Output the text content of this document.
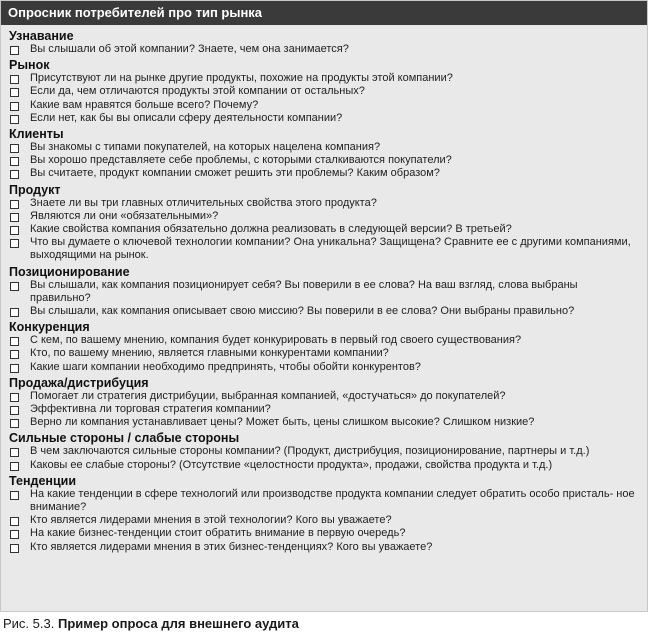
Опросник потребителей про тип рынка
Узнавание
Вы слышали об этой компании? Знаете, чем она занимается?
Рынок
Присутствуют ли на рынке другие продукты, похожие на продукты этой компании?
Если да, чем отличаются продукты этой компании от остальных?
Какие вам нравятся больше всего? Почему?
Если нет, как бы вы описали сферу деятельности компании?
Клиенты
Вы знакомы с типами покупателей, на которых нацелена компания?
Вы хорошо представляете себе проблемы, с которыми сталкиваются покупатели?
Вы считаете, продукт компании сможет решить эти проблемы? Каким образом?
Продукт
Знаете ли вы три главных отличительных свойства этого продукта?
Являются ли они «обязательными»?
Какие свойства компания обязательно должна реализовать в следующей версии? В третьей?
Что вы думаете о ключевой технологии компании? Она уникальна? Защищена? Сравните ее с другими компаниями, выходящими на рынок.
Позиционирование
Вы слышали, как компания позиционирует себя? Вы поверили в ее слова? На ваш взгляд, слова выбраны правильно?
Вы слышали, как компания описывает свою миссию? Вы поверили в ее слова? Они выбраны правильно?
Конкуренция
С кем, по вашему мнению, компания будет конкурировать в первый год своего существования?
Кто, по вашему мнению, является главными конкурентами компании?
Какие шаги компании необходимо предпринять, чтобы обойти конкурентов?
Продажа/дистрибуция
Помогает ли стратегия дистрибуции, выбранная компанией, «достучаться» до покупателей?
Эффективна ли торговая стратегия компании?
Верно ли компания устанавливает цены? Может быть, цены слишком высокие? Слишком низкие?
Сильные стороны / слабые стороны
В чем заключаются сильные стороны компании? (Продукт, дистрибуция, позиционирование, партнеры и т.д.)
Каковы ее слабые стороны? (Отсутствие «целостности продукта», продажи, свойства продукта и т.д.)
Тенденции
На какие тенденции в сфере технологий или производстве продукта компании следует обратить особо присталь- ное внимание?
Кто является лидерами мнения в этой технологии? Кого вы уважаете?
На какие бизнес-тенденции стоит обратить внимание в первую очередь?
Кто является лидерами мнения в этих бизнес-тенденциях? Кого вы уважаете?
Рис. 5.3. Пример опроса для внешнего аудита
